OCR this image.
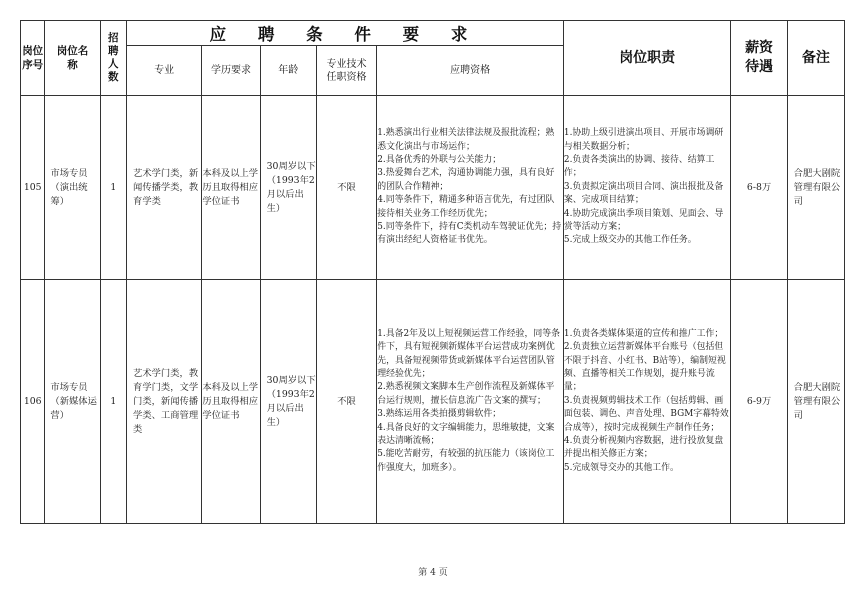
岗位序号	岗位名称	招聘人数	应 聘 条 件 要 求					岗位职责	薪资待遇	备注
			专业	学历要求	年龄	专业技术任职资格	应聘资格			
105	市场专员（演出统筹）	1	艺术学门类，新闻传播学类，教育学类	本科及以上学历且取得相应学位证书	30周岁以下（1993年2月以后出生）	不限	1.熟悉演出行业相关法律法规及报批流程；熟悉文化演出与市场运作；
2.具备优秀的外联与公关能力；
3.热爱舞台艺术，沟通协调能力强，具有良好的团队合作精神；
4.同等条件下，精通多种语言优先，有过团队接待相关业务工作经历优先；
5.同等条件下，持有C类机动车驾驶证优先；持有演出经纪人资格证书优先。	1.协助上级引进演出项目、开展市场调研与相关数据分析；
2.负责各类演出的协调、接待、结算工作；
3.负责拟定演出项目合同、演出报批及备案、完成项目结算；
4.协助完成演出季项目策划、见面会、导赏等活动方案；
5.完成上级交办的其他工作任务。	6-8万	合肥大剧院管理有限公司
106	市场专员（新媒体运营）	1	艺术学门类，教育学门类，文学门类，新闻传播学类、工商管理类	本科及以上学历且取得相应学位证书	30周岁以下（1993年2月以后出生）	不限	1.具备2年及以上短视频运营工作经验，同等条件下，具有短视频新媒体平台运营成功案例优先，具备短视频带货或新媒体平台运营团队管理经验优先；
2.熟悉视频文案脚本生产创作流程及新媒体平台运行规则，擅长信息流广告文案的撰写；
3.熟练运用各类拍摄剪辑软件；
4.具备良好的文字编辑能力，思维敏捷，文案表达清晰流畅；
5.能吃苦耐劳，有较强的抗压能力（该岗位工作强度大，加班多）。	1.负责各类媒体渠道的宣传和推广工作；
2.负责独立运营新媒体平台账号（包括但不限于抖音、小红书、B站等），编制短视频、直播等相关工作规划，提升账号流量；
3.负责视频剪辑技术工作（包括剪辑、画面包装、调色、声音处理、BGM字幕特效合成等），按时完成视频生产制作任务；
4.负责分析视频内容数据，进行投放复盘并提出相关修正方案；
5.完成领导交办的其他工作。	6-9万	合肥大剧院管理有限公司
第 4 页
